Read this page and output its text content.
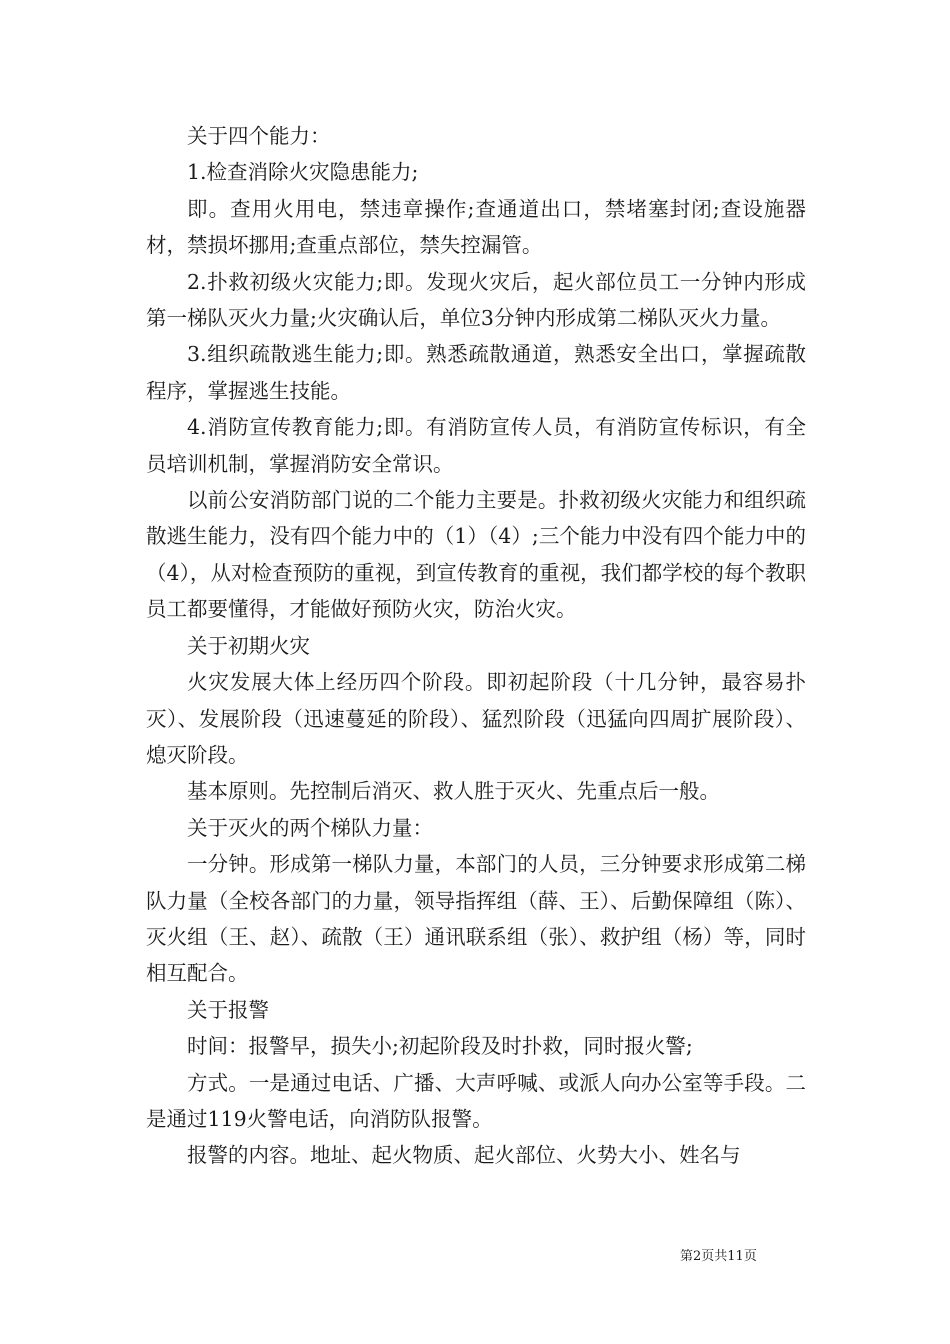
关于四个能力：

1.检查消除火灾隐患能力;

即。查用火用电，禁违章操作;查通道出口，禁堵塞封闭;查设施器材，禁损坏挪用;查重点部位，禁失控漏管。

2.扑救初级火灾能力;即。发现火灾后，起火部位员工一分钟内形成第一梯队灭火力量;火灾确认后，单位3分钟内形成第二梯队灭火力量。

3.组织疏散逃生能力;即。熟悉疏散通道，熟悉安全出口，掌握疏散程序，掌握逃生技能。

4.消防宣传教育能力;即。有消防宣传人员，有消防宣传标识，有全员培训机制，掌握消防安全常识。

以前公安消防部门说的二个能力主要是。扑救初级火灾能力和组织疏散逃生能力，没有四个能力中的（1）（4）;三个能力中没有四个能力中的（4），从对检查预防的重视，到宣传教育的重视，我们都学校的每个教职员工都要懂得，才能做好预防火灾，防治火灾。

关于初期火灾

火灾发展大体上经历四个阶段。即初起阶段（十几分钟，最容易扑灭）、发展阶段（迅速蔓延的阶段）、猛烈阶段（迅猛向四周扩展阶段）、熄灭阶段。

基本原则。先控制后消灭、救人胜于灭火、先重点后一般。

关于灭火的两个梯队力量：

一分钟。形成第一梯队力量，本部门的人员，三分钟要求形成第二梯队力量（全校各部门的力量，领导指挥组（薛、王）、后勤保障组（陈）、灭火组（王、赵）、疏散（王）通讯联系组（张）、救护组（杨）等，同时相互配合。

关于报警

时间：报警早，损失小;初起阶段及时扑救，同时报火警;

方式。一是通过电话、广播、大声呼喊、或派人向办公室等手段。二是通过119火警电话，向消防队报警。

报警的内容。地址、起火物质、起火部位、火势大小、姓名与

第2页共11页
